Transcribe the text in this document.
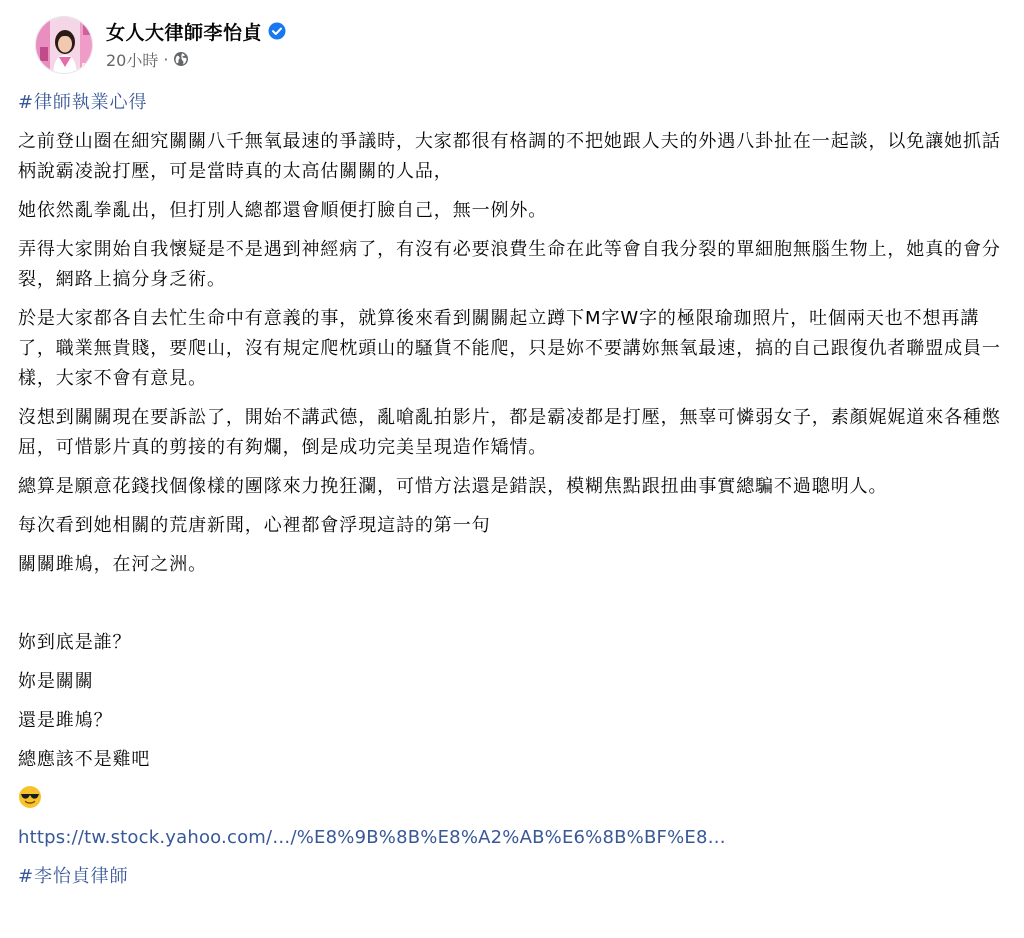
女人大律師李怡貞
20小時 ·

#律師執業心得

之前登山圈在細究關關八千無氧最速的爭議時，大家都很有格調的不把她跟人夫的外遇八卦扯在一起談，以免讓她抓話柄說霸凌說打壓，可是當時真的太高估關關的人品，

她依然亂拳亂出，但打別人總都還會順便打臉自己，無一例外。

弄得大家開始自我懷疑是不是遇到神經病了，有沒有必要浪費生命在此等會自我分裂的單細胞無腦生物上，她真的會分裂，網路上搞分身乏術。

於是大家都各自去忙生命中有意義的事，就算後來看到關關起立蹲下M字W字的極限瑜珈照片，吐個兩天也不想再講了，職業無貴賤，要爬山，沒有規定爬枕頭山的騷貨不能爬，只是妳不要講妳無氧最速，搞的自己跟復仇者聯盟成員一樣，大家不會有意見。

沒想到關關現在要訴訟了，開始不講武德，亂嗆亂拍影片，都是霸凌都是打壓，無辜可憐弱女子，素顏娓娓道來各種憋屈，可惜影片真的剪接的有夠爛，倒是成功完美呈現造作矯情。

總算是願意花錢找個像樣的團隊來力挽狂瀾，可惜方法還是錯誤，模糊焦點跟扭曲事實總騙不過聰明人。

每次看到她相關的荒唐新聞，心裡都會浮現這詩的第一句

關關雎鳩，在河之洲。

妳到底是誰？

妳是關關

還是雎鳩？

總應該不是雞吧

https://tw.stock.yahoo.com/…/%E8%9B%8B%E8%A2%AB%E6%8B%BF%E8…

#李怡貞律師
